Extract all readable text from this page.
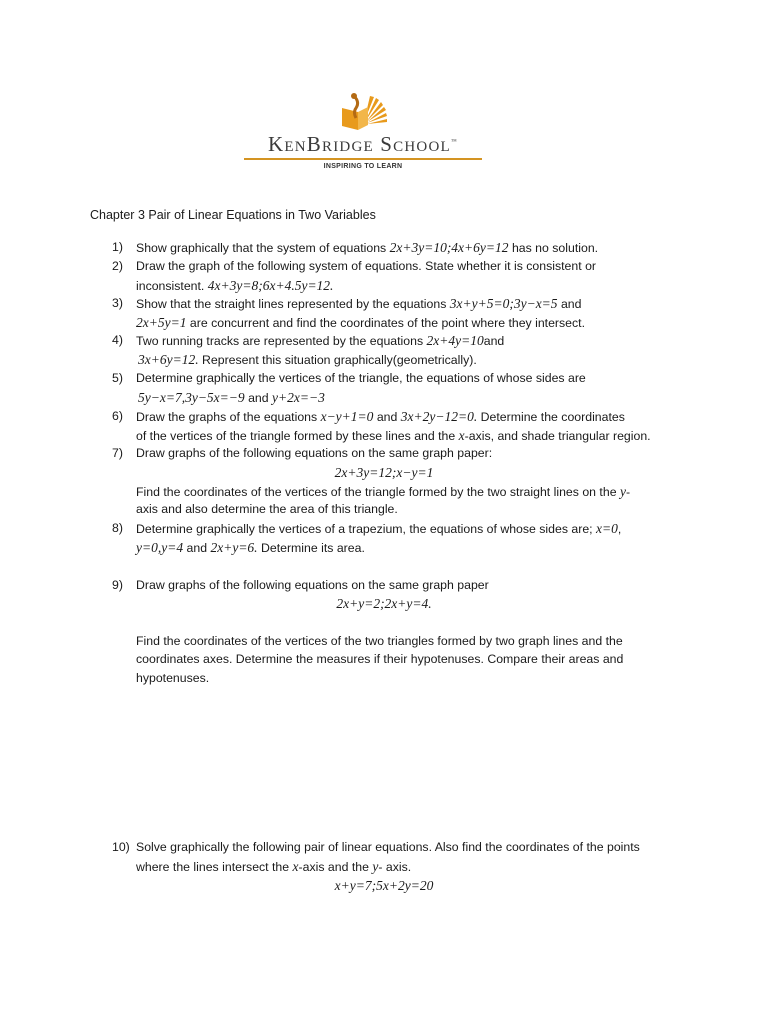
KenBridge School™
INSPIRING TO LEARN
Chapter 3 Pair of Linear Equations in Two Variables
1) Show graphically that the system of equations 2x+3y=10;4x+6y=12 has no solution.
2) Draw the graph of the following system of equations. State whether it is consistent or
inconsistent. 4x+3y=8;6x+4.5y=12.
3) Show that the straight lines represented by the equations 3x+y+5=0;3y−x=5 and
2x+5y=1 are concurrent and find the coordinates of the point where they intersect.
4) Two running tracks are represented by the equations 2x+4y=10and
3x+6y=12. Represent this situation graphically(geometrically).
5) Determine graphically the vertices of the triangle, the equations of whose sides are
5y−x=7,3y−5x=−9 and y+2x=−3
6) Draw the graphs of the equations x−y+1=0 and 3x+2y−12=0. Determine the coordinates
of the vertices of the triangle formed by these lines and the x-axis, and shade triangular region.
7) Draw graphs of the following equations on the same graph paper:
2x+3y=12;x−y=1
Find the coordinates of the vertices of the triangle formed by the two straight lines on the y-
axis and also determine the area of this triangle.
8) Determine graphically the vertices of a trapezium, the equations of whose sides are; x=0,
y=0,y=4 and 2x+y=6. Determine its area.
9) Draw graphs of the following equations on the same graph paper
2x+y=2;2x+y=4.
Find the coordinates of the vertices of the two triangles formed by two graph lines and the
coordinates axes. Determine the measures if their hypotenuses. Compare their areas and
hypotenuses.
10) Solve graphically the following pair of linear equations. Also find the coordinates of the points
where the lines intersect the x-axis and the y- axis.
x+y=7;5x+2y=20
